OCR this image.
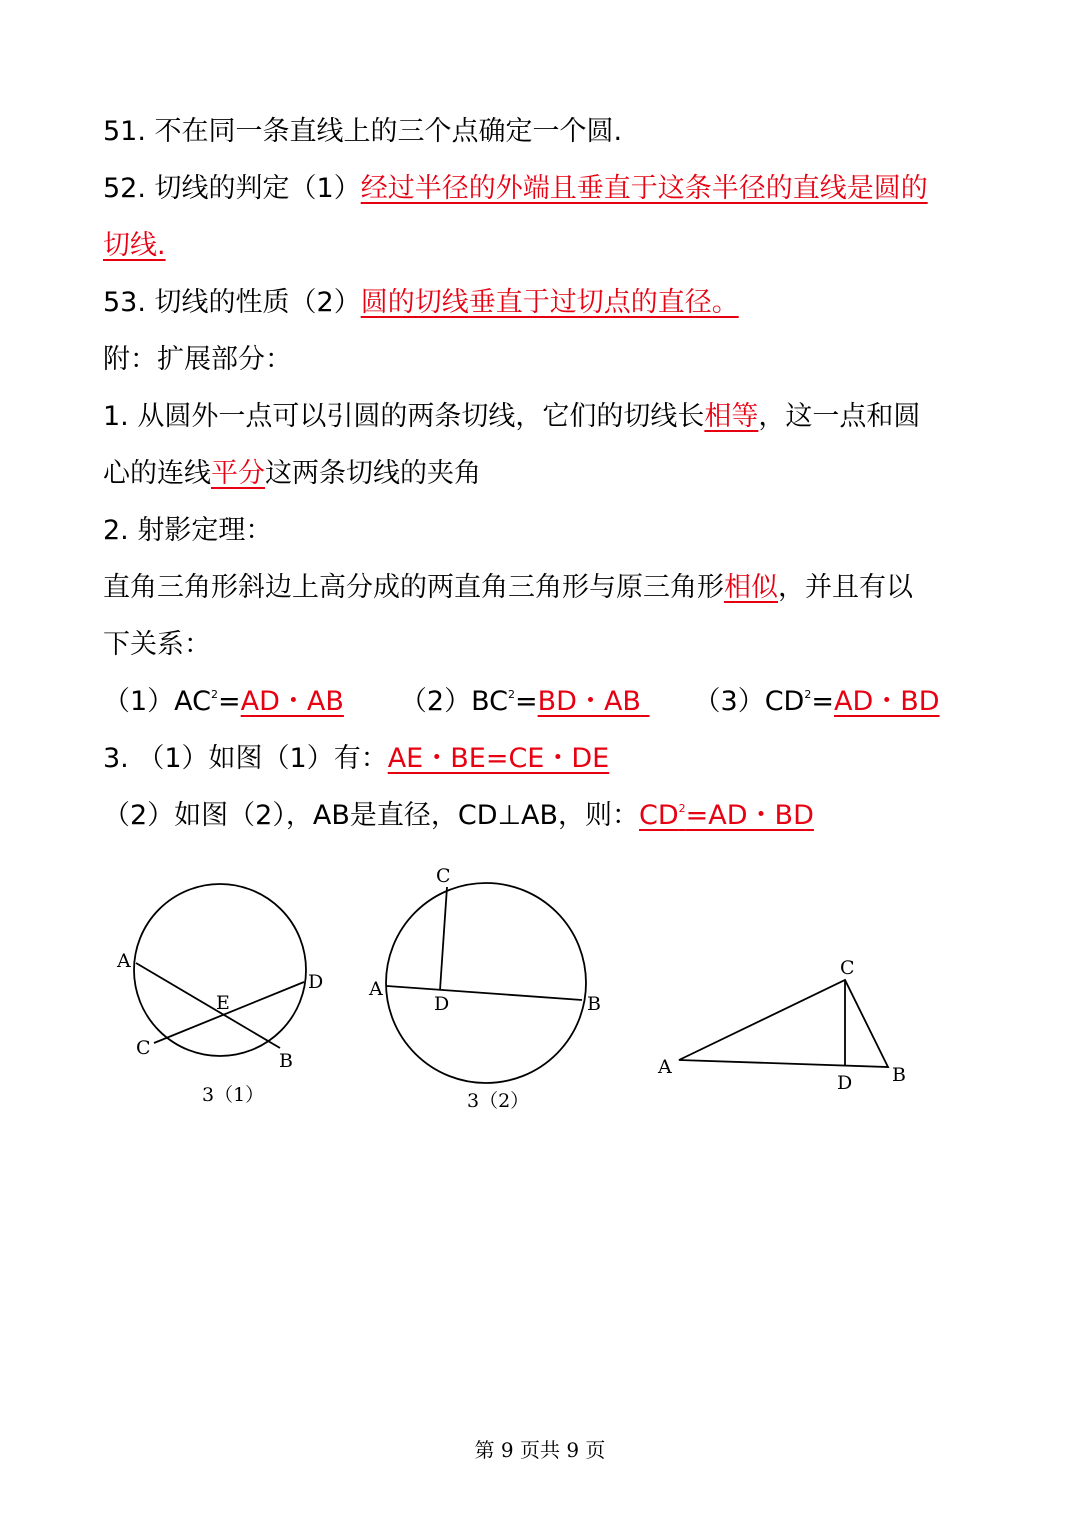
51. 不在同一条直线上的三个点确定一个圆.
52. 切线的判定（1）经过半径的外端且垂直于这条半径的直线是圆的
切线.
53. 切线的性质（2）圆的切线垂直于过切点的直径。
附：扩展部分：
1. 从圆外一点可以引圆的两条切线，它们的切线长相等，这一点和圆
心的连线平分这两条切线的夹角
2. 射影定理：
直角三角形斜边上高分成的两直角三角形与原三角形相似，并且有以
下关系：
$(1)AC^2=AD$・AB $(2)BC^2=BD$・AB $(3)CD^2=AD$・BD
3. （1）如图（1）有：AE・BE=CE・DE
（2）如图（2），AB是直径，CD⊥AB，则：$CD^2=AD$・BD
A
D
E
C
B
3（1）
C
A
D	B
3（2）
C
A
D B
第 9 页共 9 页
